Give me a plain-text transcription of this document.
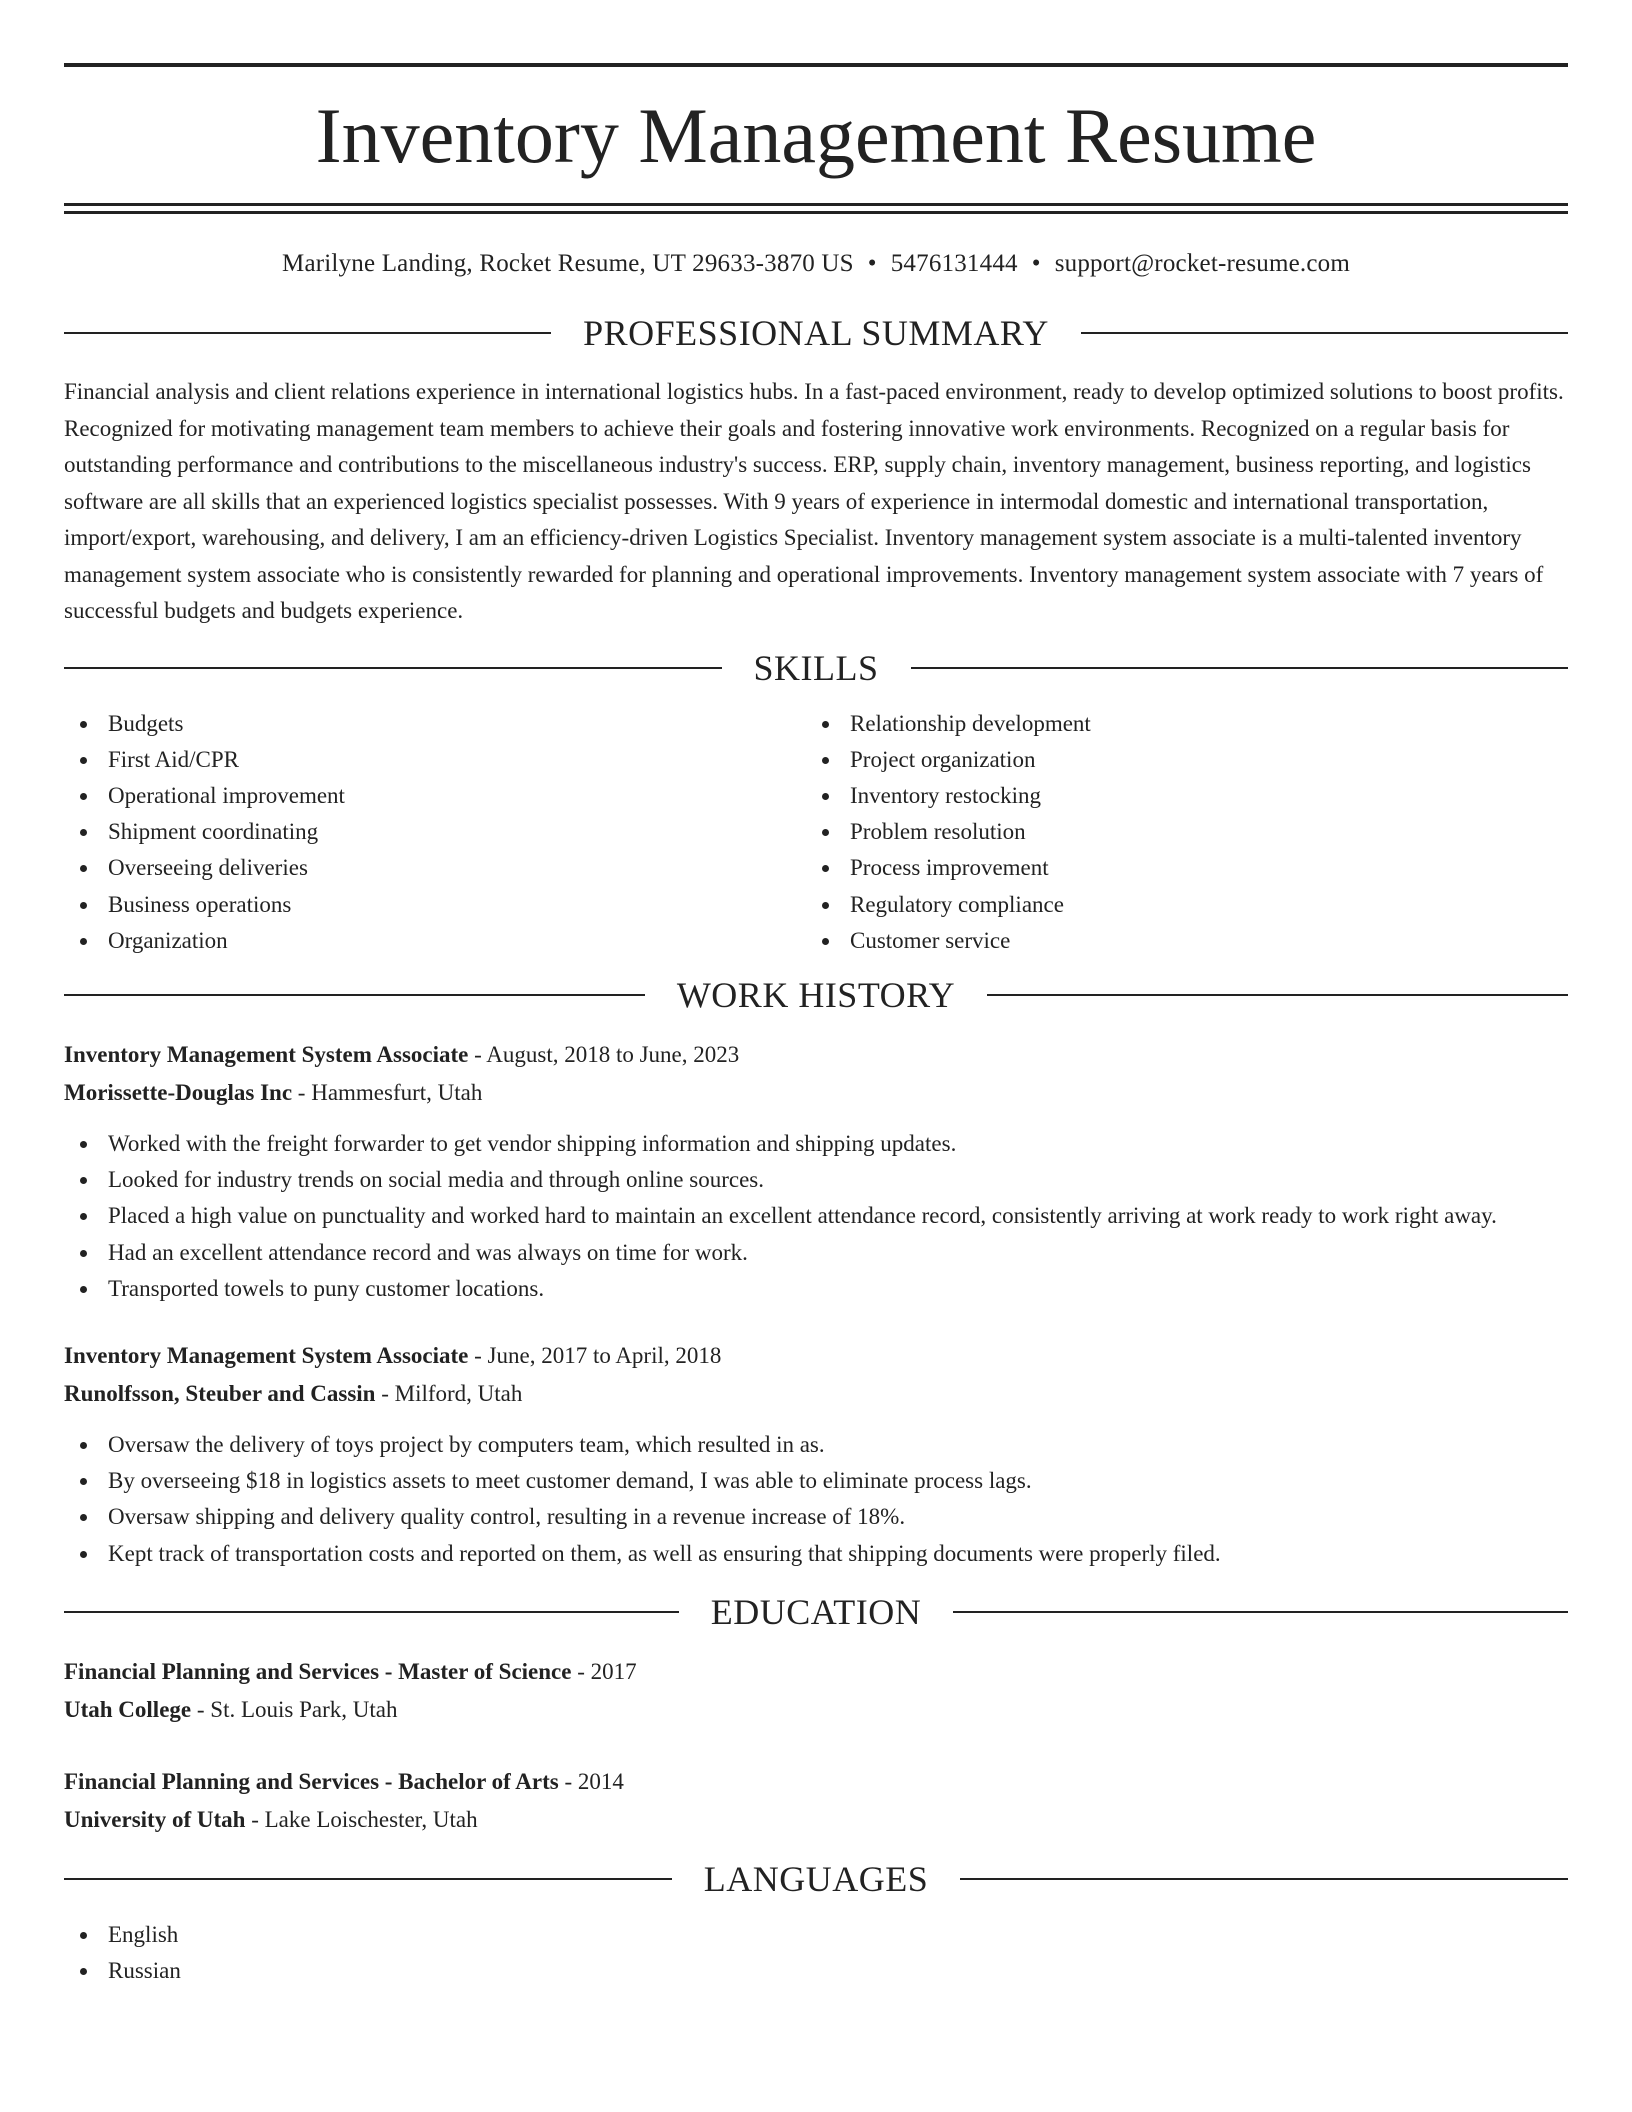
Inventory Management Resume
Marilyne Landing, Rocket Resume, UT 29633-3870 US • 5476131444 • support@rocket-resume.com
PROFESSIONAL SUMMARY

Financial analysis and client relations experience in international logistics hubs. In a fast-paced environment, ready to develop optimized solutions to boost profits. Recognized for motivating management team members to achieve their goals and fostering innovative work environments. Recognized on a regular basis for outstanding performance and contributions to the miscellaneous industry's success. ERP, supply chain, inventory management, business reporting, and logistics software are all skills that an experienced logistics specialist possesses. With 9 years of experience in intermodal domestic and international transportation, import/export, warehousing, and delivery, I am an efficiency-driven Logistics Specialist. Inventory management system associate is a multi-talented inventory management system associate who is consistently rewarded for planning and operational improvements. Inventory management system associate with 7 years of successful budgets and budgets experience.

SKILLS
Budgets
First Aid/CPR
Operational improvement
Shipment coordinating
Overseeing deliveries
Business operations
Organization
Relationship development
Project organization
Inventory restocking
Problem resolution
Process improvement
Regulatory compliance
Customer service
WORK HISTORY
Inventory Management System Associate - August, 2018 to June, 2023
Morissette-Douglas Inc - Hammesfurt, Utah
Worked with the freight forwarder to get vendor shipping information and shipping updates.
Looked for industry trends on social media and through online sources.
Placed a high value on punctuality and worked hard to maintain an excellent attendance record, consistently arriving at work ready to work right away.
Had an excellent attendance record and was always on time for work.
Transported towels to puny customer locations.
Inventory Management System Associate - June, 2017 to April, 2018
Runolfsson, Steuber and Cassin - Milford, Utah
Oversaw the delivery of toys project by computers team, which resulted in as.
By overseeing $18 in logistics assets to meet customer demand, I was able to eliminate process lags.
Oversaw shipping and delivery quality control, resulting in a revenue increase of 18%.
Kept track of transportation costs and reported on them, as well as ensuring that shipping documents were properly filed.
EDUCATION
Financial Planning and Services - Master of Science - 2017
Utah College - St. Louis Park, Utah
Financial Planning and Services - Bachelor of Arts - 2014
University of Utah - Lake Loischester, Utah
LANGUAGES
English
Russian
